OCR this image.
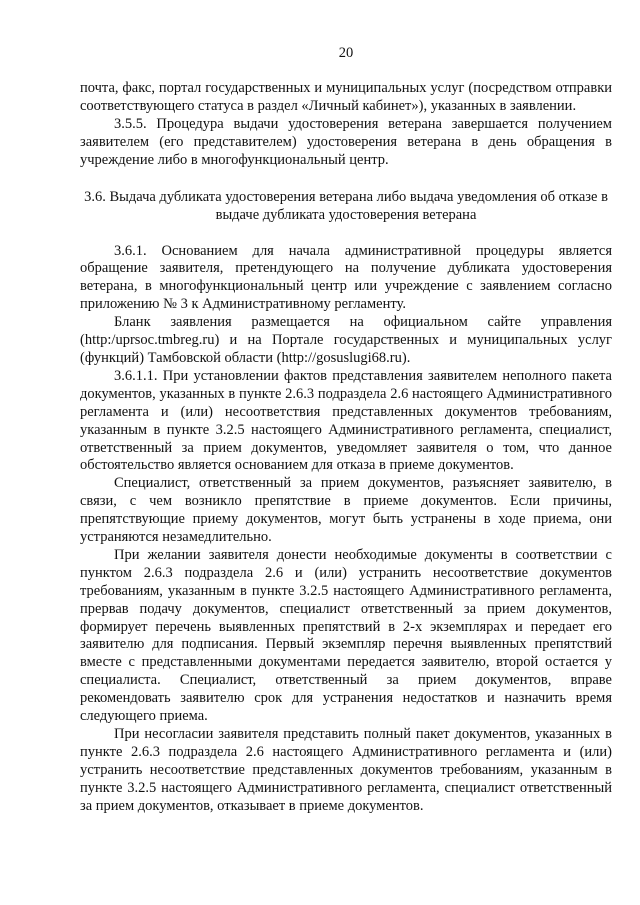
20

почта, факс, портал государственных и муниципальных услуг (посредством отправки соответствующего статуса в раздел «Личный кабинет»), указанных в заявлении.

3.5.5. Процедура выдачи удостоверения ветерана завершается получением заявителем (его представителем) удостоверения ветерана в день обращения в учреждение либо в многофункциональный центр.

3.6. Выдача дубликата удостоверения ветерана либо выдача уведомления об отказе в выдаче дубликата удостоверения ветерана

3.6.1. Основанием для начала административной процедуры является обращение заявителя, претендующего на получение дубликата удостоверения ветерана, в многофункциональный центр или учреждение с заявлением согласно приложению № 3 к Административному регламенту.

Бланк заявления размещается на официальном сайте управления (http:/uprsoc.tmbreg.ru) и на Портале государственных и муниципальных услуг (функций) Тамбовской области (http://gosuslugi68.ru).

3.6.1.1. При установлении фактов представления заявителем неполного пакета документов, указанных в пункте 2.6.3 подраздела 2.6 настоящего Административного регламента и (или) несоответствия представленных документов требованиям, указанным в пункте 3.2.5 настоящего Административного регламента, специалист, ответственный за прием документов, уведомляет заявителя о том, что данное обстоятельство является основанием для отказа в приеме документов.

Специалист, ответственный за прием документов, разъясняет заявителю, в связи, с чем возникло препятствие в приеме документов. Если причины, препятствующие приему документов, могут быть устранены в ходе приема, они устраняются незамедлительно.

При желании заявителя донести необходимые документы в соответствии с пунктом 2.6.3 подраздела 2.6 и (или) устранить несоответствие документов требованиям, указанным в пункте 3.2.5 настоящего Административного регламента, прервав подачу документов, специалист ответственный за прием документов, формирует перечень выявленных препятствий в 2-х экземплярах и передает его заявителю для подписания. Первый экземпляр перечня выявленных препятствий вместе с представленными документами передается заявителю, второй остается у специалиста. Специалист, ответственный за прием документов, вправе рекомендовать заявителю срок для устранения недостатков и назначить время следующего приема.

При несогласии заявителя представить полный пакет документов, указанных в пункте 2.6.3 подраздела 2.6 настоящего Административного регламента и (или) устранить несоответствие представленных документов требованиям, указанным в пункте 3.2.5 настоящего Административного регламента, специалист ответственный за прием документов, отказывает в приеме документов.
